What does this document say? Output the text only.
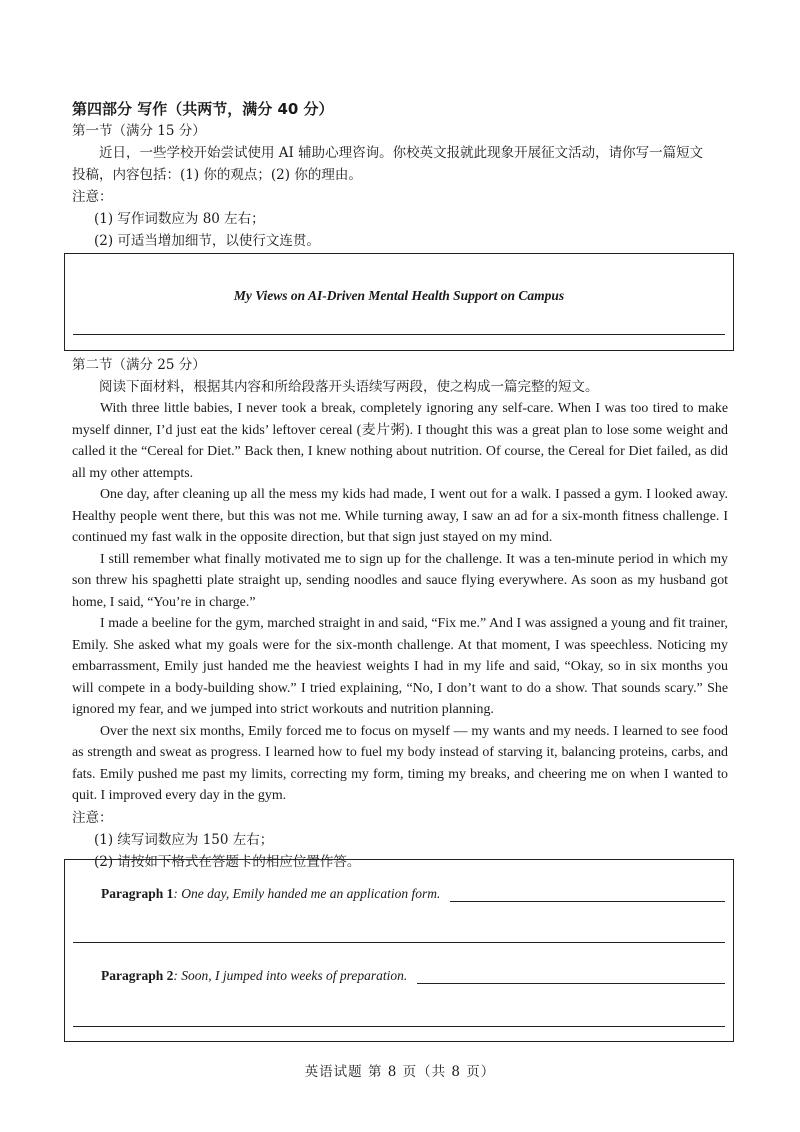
第四部分 写作（共两节，满分 40 分）
第一节（满分 15 分）
近日，一些学校开始尝试使用 AI 辅助心理咨询。你校英文报就此现象开展征文活动，请你写一篇短文
投稿，内容包括：(1) 你的观点；(2) 你的理由。
注意：
(1) 写作词数应为 80 左右；
(2) 可适当增加细节，以使行文连贯。
My Views on AI-Driven Mental Health Support on Campus
第二节（满分 25 分）
阅读下面材料，根据其内容和所给段落开头语续写两段，使之构成一篇完整的短文。

With three little babies, I never took a break, completely ignoring any self-care. When I was too tired to make myself dinner, I’d just eat the kids’ leftover cereal (麦片粥). I thought this was a great plan to lose some weight and called it the “Cereal for Diet.” Back then, I knew nothing about nutrition. Of course, the Cereal for Diet failed, as did all my other attempts.

One day, after cleaning up all the mess my kids had made, I went out for a walk. I passed a gym. I looked away. Healthy people went there, but this was not me. While turning away, I saw an ad for a six-month fitness challenge. I continued my fast walk in the opposite direction, but that sign just stayed on my mind.

I still remember what finally motivated me to sign up for the challenge. It was a ten-minute period in which my son threw his spaghetti plate straight up, sending noodles and sauce flying everywhere. As soon as my husband got home, I said, “You’re in charge.”

I made a beeline for the gym, marched straight in and said, “Fix me.” And I was assigned a young and fit trainer, Emily. She asked what my goals were for the six-month challenge. At that moment, I was speechless. Noticing my embarrassment, Emily just handed me the heaviest weights I had in my life and said, “Okay, so in six months you will compete in a body-building show.” I tried explaining, “No, I don’t want to do a show. That sounds scary.” She ignored my fear, and we jumped into strict workouts and nutrition planning.

Over the next six months, Emily forced me to focus on myself — my wants and my needs. I learned to see food as strength and sweat as progress. I learned how to fuel my body instead of starving it, balancing proteins, carbs, and fats. Emily pushed me past my limits, correcting my form, timing my breaks, and cheering me on when I wanted to quit. I improved every day in the gym.

注意：
(1) 续写词数应为 150 左右；
(2) 请按如下格式在答题卡的相应位置作答。
Paragraph 1 : One day, Emily handed me an application form.
Paragraph 2 : Soon, I jumped into weeks of preparation.
英语试题 第 8 页（共 8 页）
